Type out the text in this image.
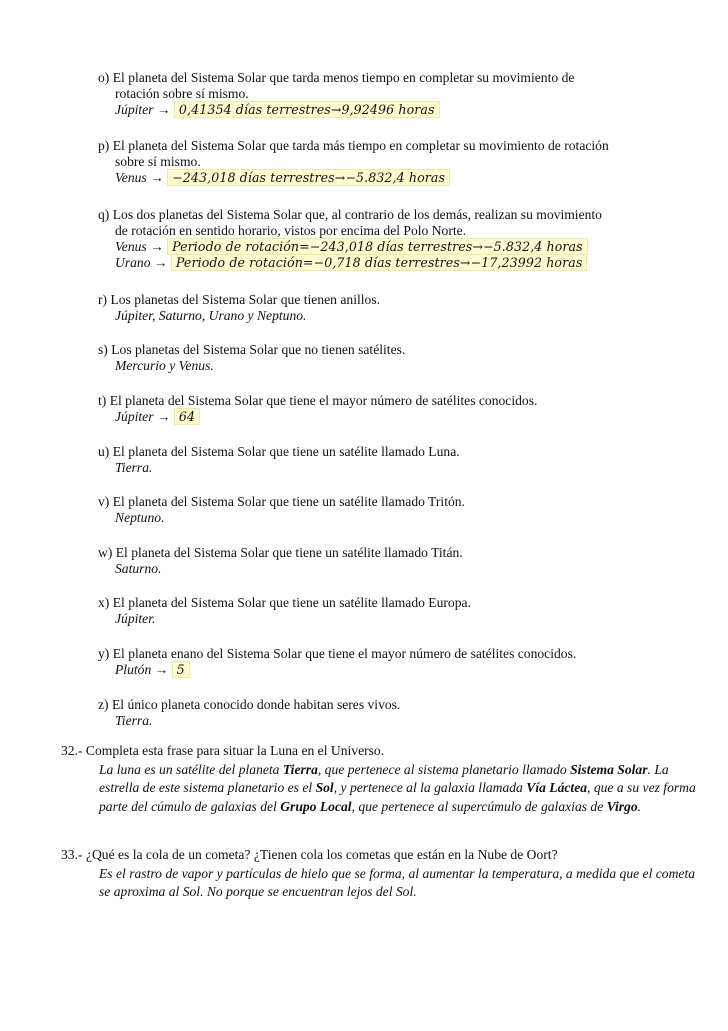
o) El planeta del Sistema Solar que tarda menos tiempo en completar su movimiento de
rotación sobre sí mismo.

Júpiter → 0,41354 días terrestres→9,92496 horas

p) El planeta del Sistema Solar que tarda más tiempo en completar su movimiento de rotación
sobre sí mismo.

Venus → −243,018 días terrestres→−5.832,4 horas

q) Los dos planetas del Sistema Solar que, al contrario de los demás, realizan su movimiento
de rotación en sentido horario, vistos por encima del Polo Norte.

Venus → Periodo de rotación=−243,018 días terrestres→−5.832,4 horas
Urano → Periodo de rotación=−0,718 días terrestres→−17,23992 horas

r) Los planetas del Sistema Solar que tienen anillos.

Júpiter, Saturno, Urano y Neptuno.

s) Los planetas del Sistema Solar que no tienen satélites.

Mercurio y Venus.

t) El planeta del Sistema Solar que tiene el mayor número de satélites conocidos.

Júpiter → 64

u) El planeta del Sistema Solar que tiene un satélite llamado Luna.

Tierra.

v) El planeta del Sistema Solar que tiene un satélite llamado Tritón.

Neptuno.

w) El planeta del Sistema Solar que tiene un satélite llamado Titán.

Saturno.

x) El planeta del Sistema Solar que tiene un satélite llamado Europa.

Júpiter.

y) El planeta enano del Sistema Solar que tiene el mayor número de satélites conocidos.

Plutón → 5

z) El único planeta conocido donde habitan seres vivos.

Tierra.

32.- Completa esta frase para situar la Luna en el Universo.

La luna es un satélite del planeta Tierra, que pertenece al sistema planetario llamado Sistema Solar. La estrella de este sistema planetario es el Sol, y pertenece al la galaxia llamada Vía Láctea, que a su vez forma parte del cúmulo de galaxias del Grupo Local, que pertenece al supercúmulo de galaxias de Virgo.

33.- ¿Qué es la cola de un cometa? ¿Tienen cola los cometas que están en la Nube de Oort?

Es el rastro de vapor y partículas de hielo que se forma, al aumentar la temperatura, a medida que el cometa se aproxima al Sol. No porque se encuentran lejos del Sol.
